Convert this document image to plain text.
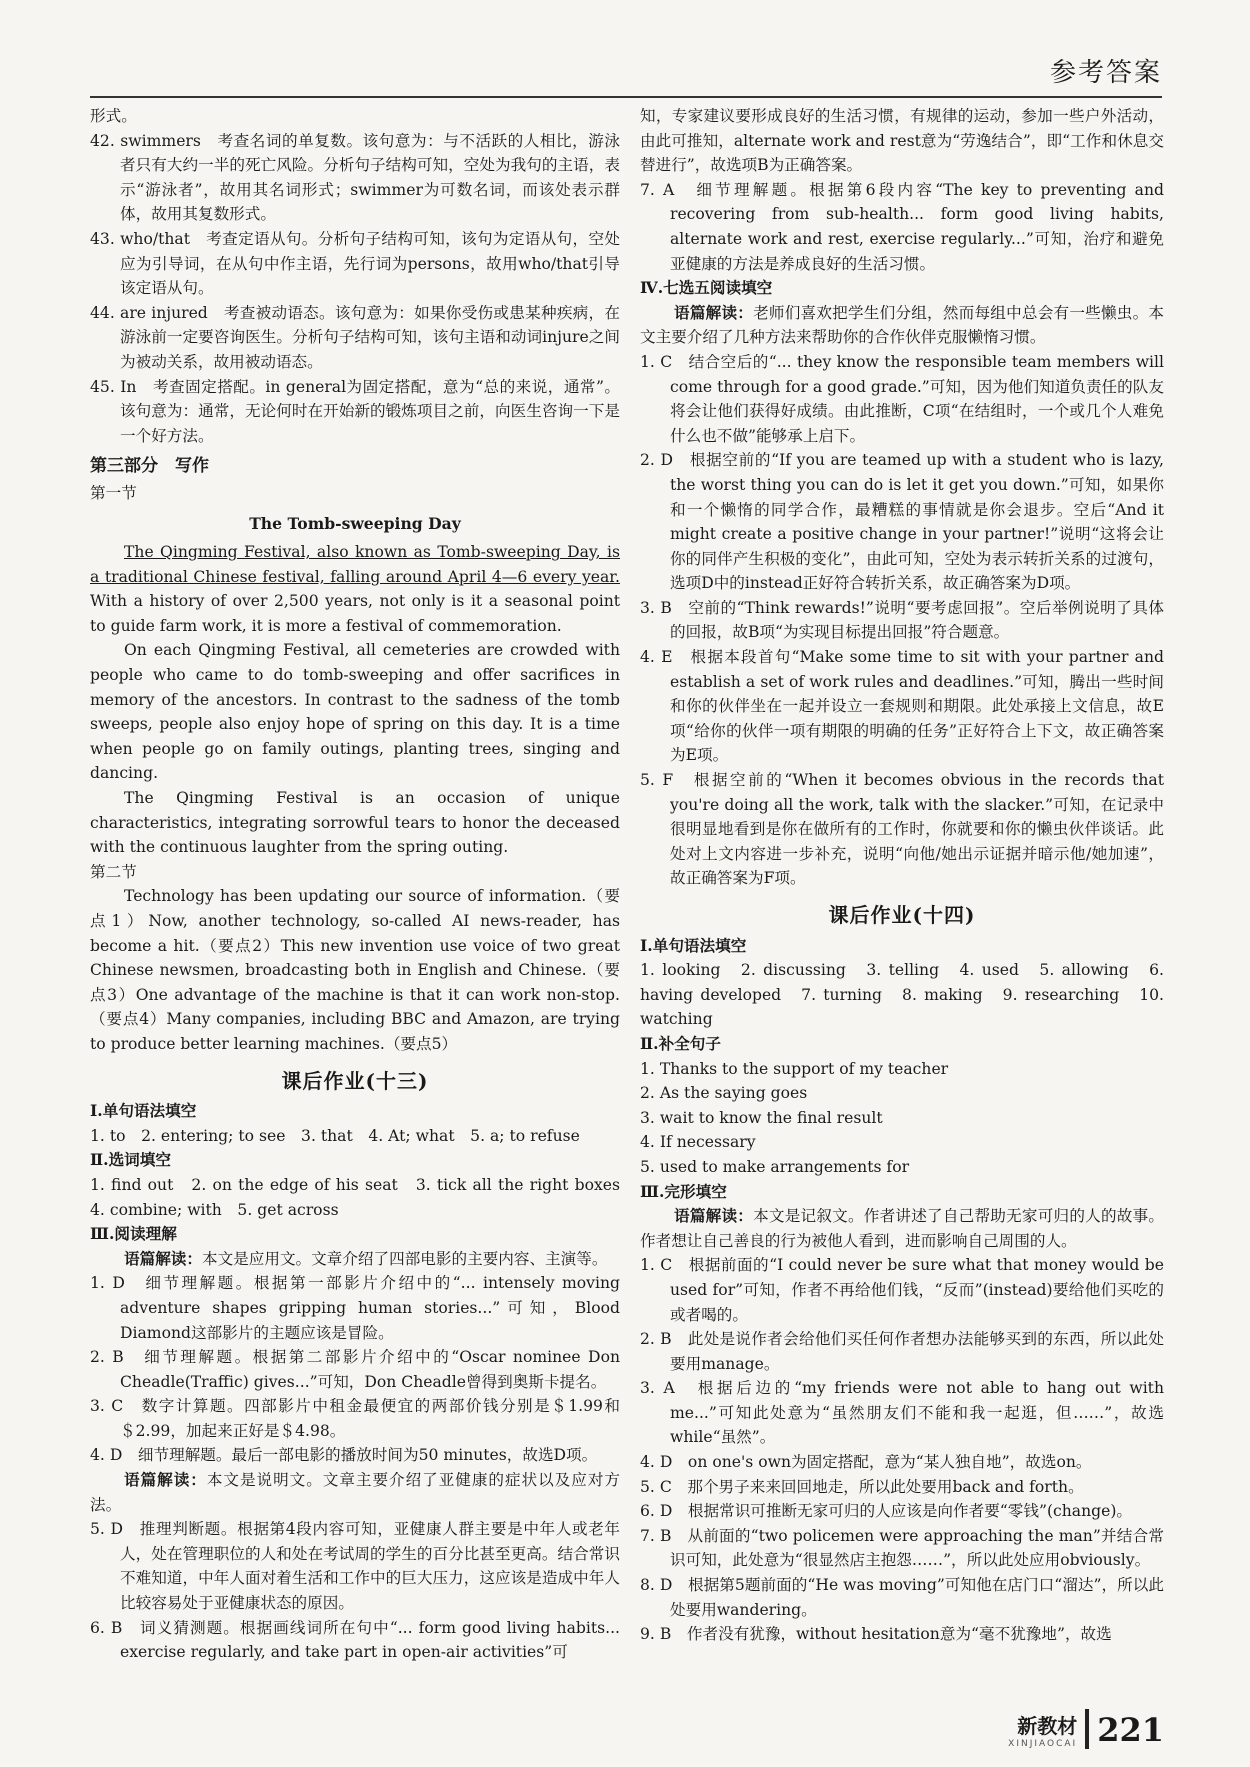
参考答案

形式。

42. swimmers　考查名词的单复数。该句意为：与不活跃的人相比，游泳者只有大约一半的死亡风险。分析句子结构可知，空处为我句的主语，表示“游泳者”，故用其名词形式；swimmer为可数名词，而该处表示群体，故用其复数形式。

43. who/that　考查定语从句。分析句子结构可知，该句为定语从句，空处应为引导词，在从句中作主语，先行词为persons，故用who/that引导该定语从句。

44. are injured　考查被动语态。该句意为：如果你受伤或患某种疾病，在游泳前一定要咨询医生。分析句子结构可知，该句主语和动词injure之间为被动关系，故用被动语态。

45. In　考查固定搭配。in general为固定搭配，意为“总的来说，通常”。该句意为：通常，无论何时在开始新的锻炼项目之前，向医生咨询一下是一个好方法。

第三部分　写作

第一节

The Tomb-sweeping Day

The Qingming Festival, also known as Tomb-sweeping Day, is a traditional Chinese festival, falling around April 4—6 every year. With a history of over 2,500 years, not only is it a seasonal point to guide farm work, it is more a festival of commemoration.

On each Qingming Festival, all cemeteries are crowded with people who came to do tomb-sweeping and offer sacrifices in memory of the ancestors. In contrast to the sadness of the tomb sweeps, people also enjoy hope of spring on this day. It is a time when people go on family outings, planting trees, singing and dancing.

The Qingming Festival is an occasion of unique characteristics, integrating sorrowful tears to honor the deceased with the continuous laughter from the spring outing.

第二节

Technology has been updating our source of information.（要点1）Now, another technology, so-called AI news-reader, has become a hit.（要点2）This new invention use voice of two great Chinese newsmen, broadcasting both in English and Chinese.（要点3）One advantage of the machine is that it can work non-stop.（要点4）Many companies, including BBC and Amazon, are trying to produce better learning machines.（要点5）

课后作业(十三)

Ⅰ.单句语法填空

1. to　2. entering; to see　3. that　4. At; what　5. a; to refuse

Ⅱ.选词填空

1. find out　2. on the edge of his seat　3. tick all the right boxes　4. combine; with　5. get across

Ⅲ.阅读理解

语篇解读：本文是应用文。文章介绍了四部电影的主要内容、主演等。

1. D　细节理解题。根据第一部影片介绍中的“... intensely moving adventure shapes gripping human stories...”可知，Blood Diamond这部影片的主题应该是冒险。

2. B　细节理解题。根据第二部影片介绍中的“Oscar nominee Don Cheadle(Traffic) gives...”可知，Don Cheadle曾得到奥斯卡提名。

3. C　数字计算题。四部影片中租金最便宜的两部价钱分别是＄1.99和＄2.99，加起来正好是＄4.98。

4. D　细节理解题。最后一部电影的播放时间为50 minutes，故选D项。

语篇解读：本文是说明文。文章主要介绍了亚健康的症状以及应对方法。

5. D　推理判断题。根据第4段内容可知，亚健康人群主要是中年人或老年人，处在管理职位的人和处在考试周的学生的百分比甚至更高。结合常识不难知道，中年人面对着生活和工作中的巨大压力，这应该是造成中年人比较容易处于亚健康状态的原因。

6. B　词义猜测题。根据画线词所在句中“... form good living habits... exercise regularly, and take part in open-air activities”可

知，专家建议要形成良好的生活习惯，有规律的运动，参加一些户外活动，由此可推知，alternate work and rest意为“劳逸结合”，即“工作和休息交替进行”，故选项B为正确答案。

7. A　细节理解题。根据第6段内容“The key to preventing and recovering from sub-health... form good living habits, alternate work and rest, exercise regularly...”可知，治疗和避免亚健康的方法是养成良好的生活习惯。

Ⅳ.七选五阅读填空

语篇解读：老师们喜欢把学生们分组，然而每组中总会有一些懒虫。本文主要介绍了几种方法来帮助你的合作伙伴克服懒惰习惯。

1. C　结合空后的“... they know the responsible team members will come through for a good grade.”可知，因为他们知道负责任的队友将会让他们获得好成绩。由此推断，C项“在结组时，一个或几个人难免什么也不做”能够承上启下。

2. D　根据空前的“If you are teamed up with a student who is lazy, the worst thing you can do is let it get you down.”可知，如果你和一个懒惰的同学合作，最糟糕的事情就是你会退步。空后“And it might create a positive change in your partner!”说明“这将会让你的同伴产生积极的变化”，由此可知，空处为表示转折关系的过渡句，选项D中的instead正好符合转折关系，故正确答案为D项。

3. B　空前的“Think rewards!”说明“要考虑回报”。空后举例说明了具体的回报，故B项“为实现目标提出回报”符合题意。

4. E　根据本段首句“Make some time to sit with your partner and establish a set of work rules and deadlines.”可知，腾出一些时间和你的伙伴坐在一起并设立一套规则和期限。此处承接上文信息，故E项“给你的伙伴一项有期限的明确的任务”正好符合上下文，故正确答案为E项。

5. F　根据空前的“When it becomes obvious in the records that you're doing all the work, talk with the slacker.”可知，在记录中很明显地看到是你在做所有的工作时，你就要和你的懒虫伙伴谈话。此处对上文内容进一步补充，说明“向他/她出示证据并暗示他/她加速”，故正确答案为F项。

课后作业(十四)

Ⅰ.单句语法填空

1. looking　2. discussing　3. telling　4. used　5. allowing　6. having developed　7. turning　8. making　9. researching　10. watching

Ⅱ.补全句子

1. Thanks to the support of my teacher

2. As the saying goes

3. wait to know the final result

4. If necessary

5. used to make arrangements for

Ⅲ.完形填空

语篇解读：本文是记叙文。作者讲述了自己帮助无家可归的人的故事。作者想让自己善良的行为被他人看到，进而影响自己周围的人。

1. C　根据前面的“I could never be sure what that money would be used for”可知，作者不再给他们钱，“反而”(instead)要给他们买吃的或者喝的。

2. B　此处是说作者会给他们买任何作者想办法能够买到的东西，所以此处要用manage。

3. A　根据后边的“my friends were not able to hang out with me...”可知此处意为“虽然朋友们不能和我一起逛，但……”，故选while“虽然”。

4. D　on one's own为固定搭配，意为“某人独自地”，故选on。

5. C　那个男子来来回回地走，所以此处要用back and forth。

6. D　根据常识可推断无家可归的人应该是向作者要“零钱”(change)。

7. B　从前面的“two policemen were approaching the man”并结合常识可知，此处意为“很显然店主抱怨……”，所以此处应用obviously。

8. D　根据第5题前面的“He was moving”可知他在店门口“溜达”，所以此处要用wandering。

9. B　作者没有犹豫，without hesitation意为“毫不犹豫地”，故选

新教材
XINJIAOCAI 221
